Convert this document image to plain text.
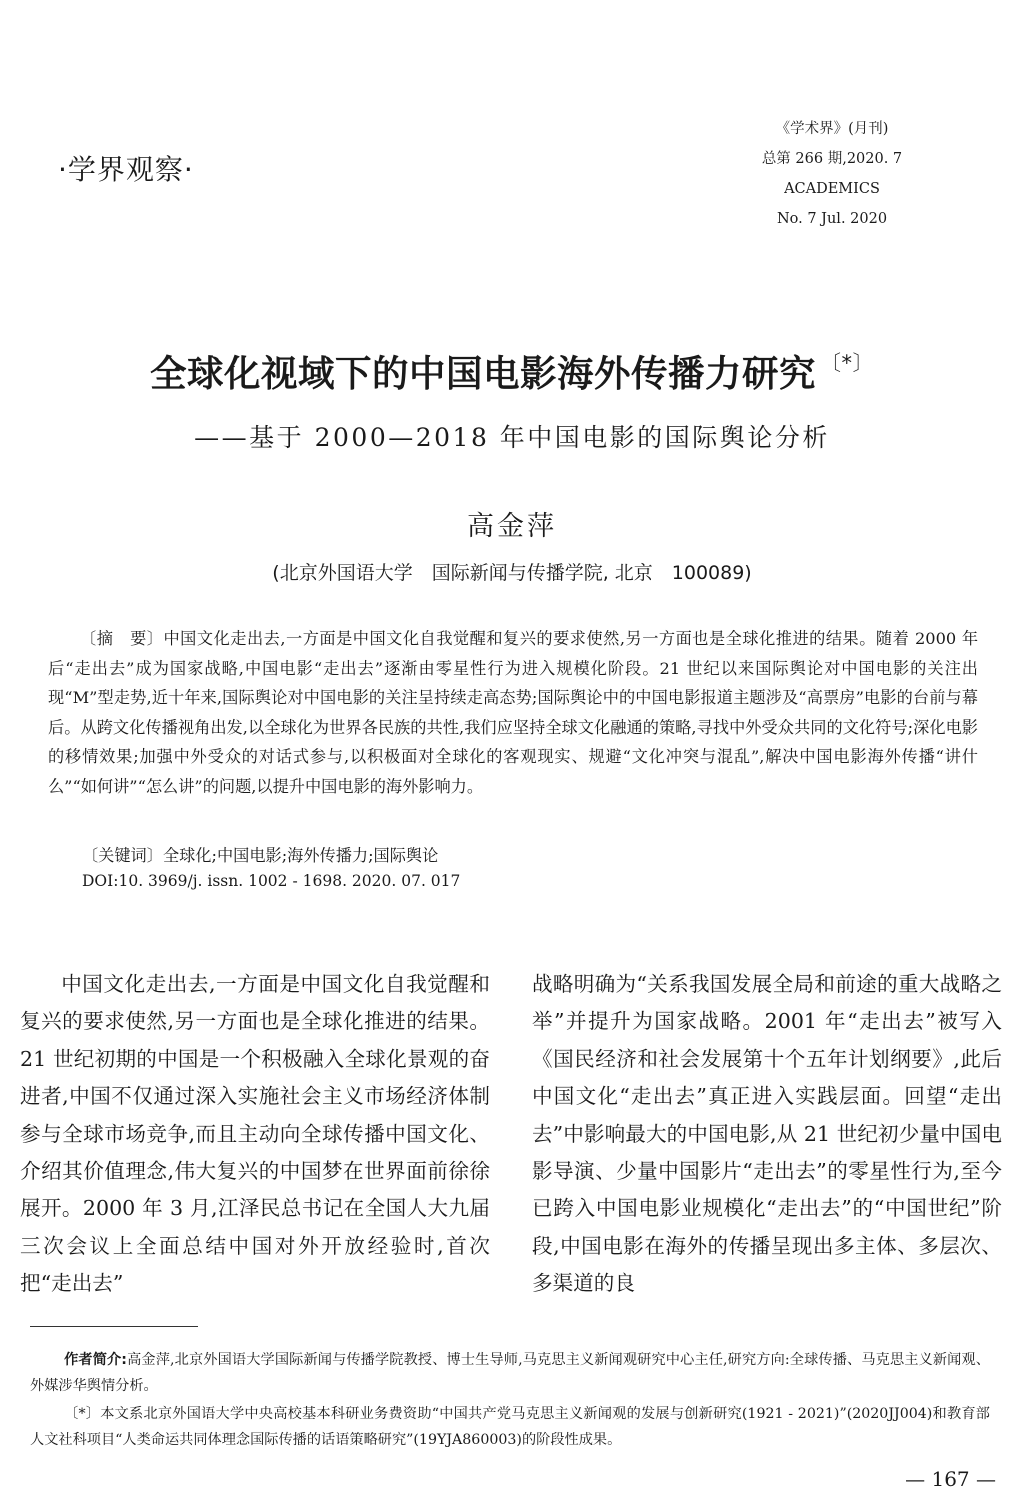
·学界观察·
《学术界》(月刊)
总第 266 期,2020. 7
ACADEMICS
No. 7 Jul. 2020
全球化视域下的中国电影海外传播力研究 〔*〕
——基于 2000—2018 年中国电影的国际舆论分析
高金萍
(北京外国语大学　国际新闻与传播学院, 北京　100089)
〔摘　要〕中国文化走出去,一方面是中国文化自我觉醒和复兴的要求使然,另一方面也是全球化推进的结果。随着 2000 年后“走出去”成为国家战略,中国电影“走出去”逐渐由零星性行为进入规模化阶段。21 世纪以来国际舆论对中国电影的关注出现“M”型走势,近十年来,国际舆论对中国电影的关注呈持续走高态势;国际舆论中的中国电影报道主题涉及“高票房”电影的台前与幕后。从跨文化传播视角出发,以全球化为世界各民族的共性,我们应坚持全球文化融通的策略,寻找中外受众共同的文化符号;深化电影的移情效果;加强中外受众的对话式参与,以积极面对全球化的客观现实、规避“文化冲突与混乱”,解决中国电影海外传播“讲什么”“如何讲”“怎么讲”的问题,以提升中国电影的海外影响力。
〔关键词〕全球化;中国电影;海外传播力;国际舆论
DOI:10. 3969/j. issn. 1002 - 1698. 2020. 07. 017
中国文化走出去,一方面是中国文化自我觉醒和复兴的要求使然,另一方面也是全球化推进的结果。21 世纪初期的中国是一个积极融入全球化景观的奋进者,中国不仅通过深入实施社会主义市场经济体制参与全球市场竞争,而且主动向全球传播中国文化、介绍其价值理念,伟大复兴的中国梦在世界面前徐徐展开。2000 年 3 月,江泽民总书记在全国人大九届三次会议上全面总结中国对外开放经验时,首次把“走出去”
战略明确为“关系我国发展全局和前途的重大战略之举”并提升为国家战略。2001 年“走出去”被写入《国民经济和社会发展第十个五年计划纲要》,此后中国文化“走出去”真正进入实践层面。回望“走出去”中影响最大的中国电影,从 21 世纪初少量中国电影导演、少量中国影片“走出去”的零星性行为,至今已跨入中国电影业规模化“走出去”的“中国世纪”阶段,中国电影在海外的传播呈现出多主体、多层次、多渠道的良

作者简介:高金萍,北京外国语大学国际新闻与传播学院教授、博士生导师,马克思主义新闻观研究中心主任,研究方向:全球传播、马克思主义新闻观、外媒涉华舆情分析。

〔*〕本文系北京外国语大学中央高校基本科研业务费资助“中国共产党马克思主义新闻观的发展与创新研究(1921 - 2021)”(2020JJ004)和教育部人文社科项目“人类命运共同体理念国际传播的话语策略研究”(19YJA860003)的阶段性成果。

— 167 —
